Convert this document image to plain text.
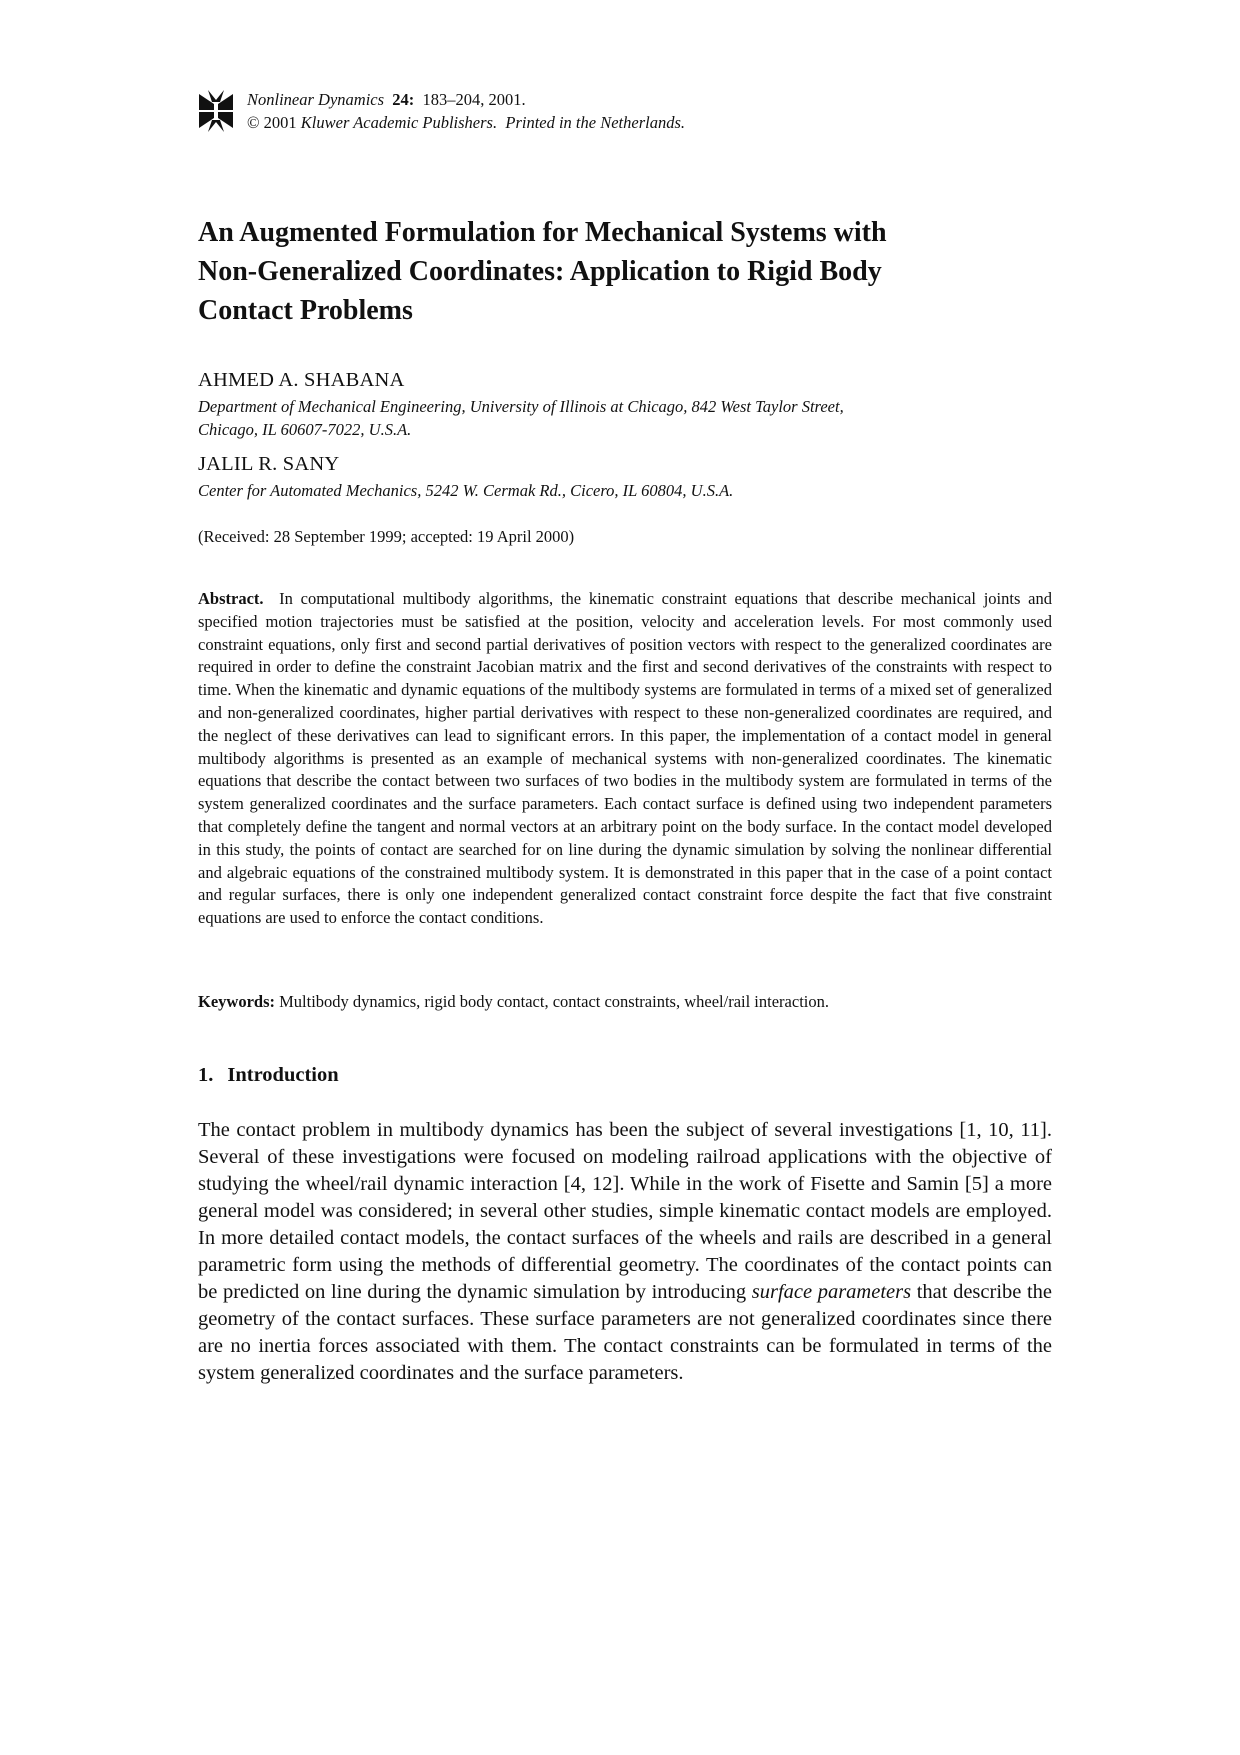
Nonlinear Dynamics 24: 183–204, 2001.
© 2001 Kluwer Academic Publishers. Printed in the Netherlands.
An Augmented Formulation for Mechanical Systems with
Non-Generalized Coordinates: Application to Rigid Body
Contact Problems
AHMED A. SHABANA
Department of Mechanical Engineering, University of Illinois at Chicago, 842 West Taylor Street,
Chicago, IL 60607-7022, U.S.A.
JALIL R. SANY
Center for Automated Mechanics, 5242 W. Cermak Rd., Cicero, IL 60804, U.S.A.
(Received: 28 September 1999; accepted: 19 April 2000)

Abstract. In computational multibody algorithms, the kinematic constraint equations that describe mechanical joints and specified motion trajectories must be satisfied at the position, velocity and acceleration levels. For most commonly used constraint equations, only first and second partial derivatives of position vectors with respect to the generalized coordinates are required in order to define the constraint Jacobian matrix and the first and second derivatives of the constraints with respect to time. When the kinematic and dynamic equations of the multibody systems are formulated in terms of a mixed set of generalized and non-generalized coordinates, higher partial derivatives with respect to these non-generalized coordinates are required, and the neglect of these derivatives can lead to significant errors. In this paper, the implementation of a contact model in general multibody algorithms is presented as an example of mechanical systems with non-generalized coordinates. The kinematic equations that describe the contact between two surfaces of two bodies in the multibody system are formulated in terms of the system generalized coordinates and the surface parameters. Each contact surface is defined using two independent parameters that completely define the tangent and normal vectors at an arbitrary point on the body surface. In the contact model developed in this study, the points of contact are searched for on line during the dynamic simulation by solving the nonlinear differential and algebraic equations of the constrained multibody system. It is demonstrated in this paper that in the case of a point contact and regular surfaces, there is only one independent generalized contact constraint force despite the fact that five constraint equations are used to enforce the contact conditions.

Keywords: Multibody dynamics, rigid body contact, contact constraints, wheel/rail interaction.
1. Introduction

The contact problem in multibody dynamics has been the subject of several investigations [1, 10, 11]. Several of these investigations were focused on modeling railroad applications with the objective of studying the wheel/rail dynamic interaction [4, 12]. While in the work of Fisette and Samin [5] a more general model was considered; in several other studies, simple kinematic contact models are employed. In more detailed contact models, the contact surfaces of the wheels and rails are described in a general parametric form using the methods of differential geometry. The coordinates of the contact points can be predicted on line during the dynamic simulation by introducing surface parameters that describe the geometry of the contact surfaces. These surface parameters are not generalized coordinates since there are no inertia forces associated with them. The contact constraints can be formulated in terms of the system generalized coordinates and the surface parameters.
